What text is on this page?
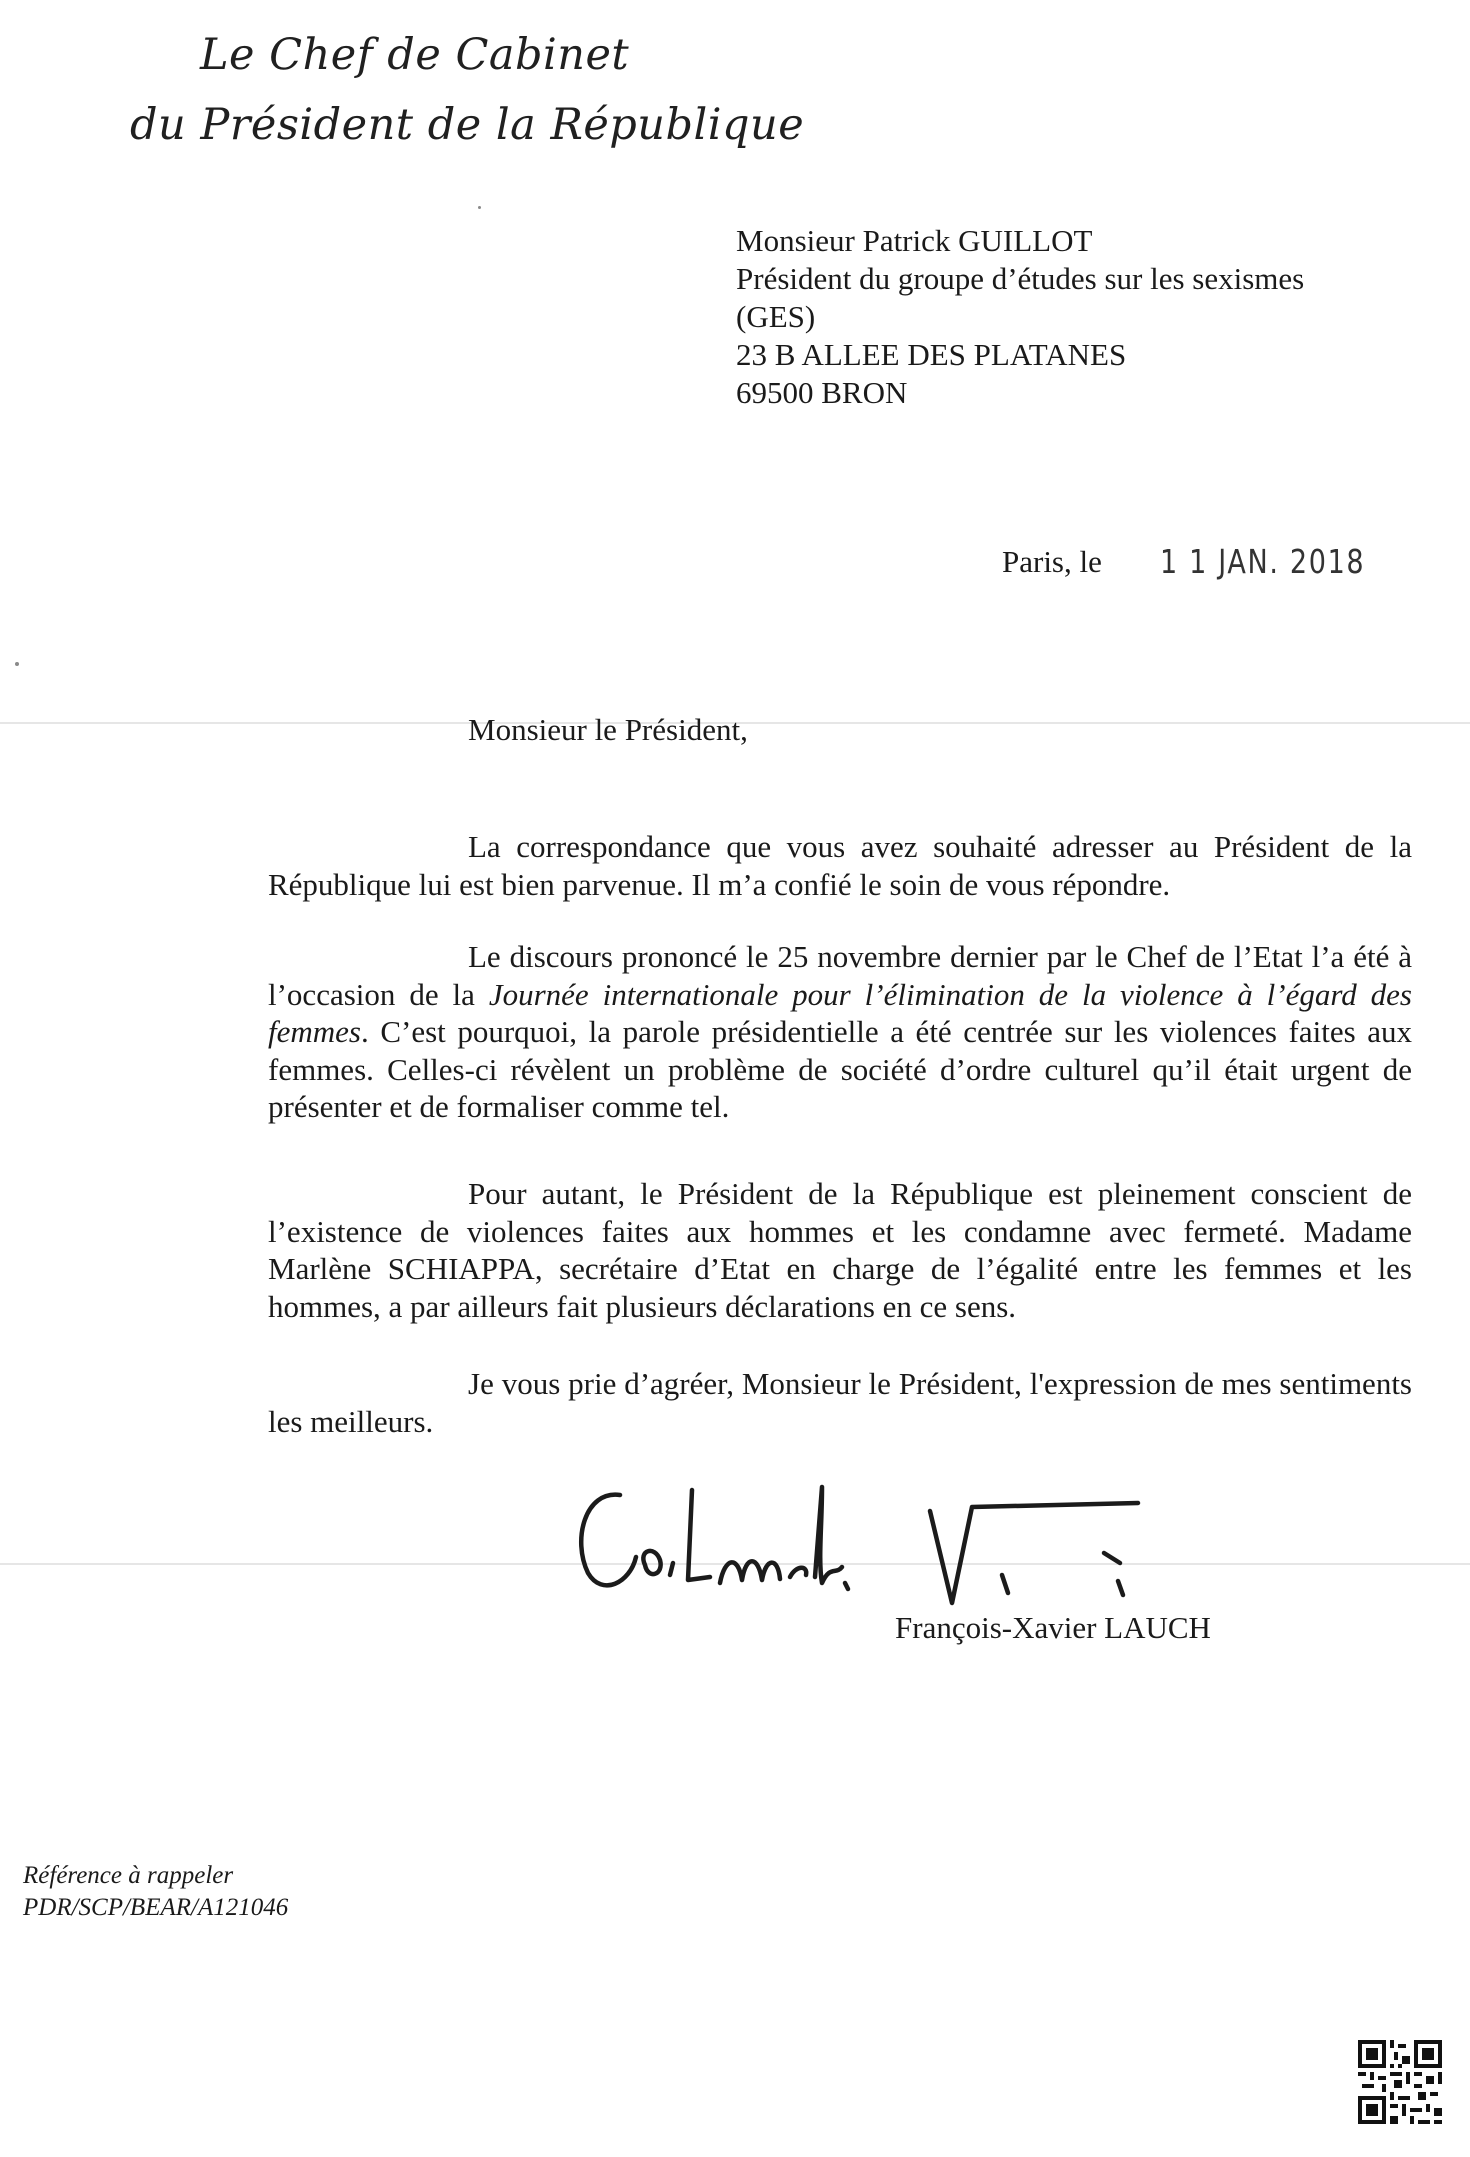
Le Chef de Cabinet
du Président de la République
Monsieur Patrick GUILLOT
Président du groupe d’études sur les sexismes
(GES)
23 B ALLEE DES PLATANES
69500 BRON
Paris, le 1 1 JAN. 2018
Monsieur le Président,

La correspondance que vous avez souhaité adresser au Président de la République lui est bien parvenue. Il m’a confié le soin de vous répondre.

Le discours prononcé le 25 novembre dernier par le Chef de l’Etat l’a été à l’occasion de la Journée internationale pour l’élimination de la violence à l’égard des femmes. C’est pourquoi, la parole présidentielle a été centrée sur les violences faites aux femmes. Celles-ci révèlent un problème de société d’ordre culturel qu’il était urgent de présenter et de formaliser comme tel.

Pour autant, le Président de la République est pleinement conscient de l’existence de violences faites aux hommes et les condamne avec fermeté. Madame Marlène SCHIAPPA, secrétaire d’Etat en charge de l’égalité entre les femmes et les hommes, a par ailleurs fait plusieurs déclarations en ce sens.

Je vous prie d’agréer, Monsieur le Président, l'expression de mes sentiments les meilleurs.

François-Xavier LAUCH
Référence à rappeler
PDR/SCP/BEAR/A121046
